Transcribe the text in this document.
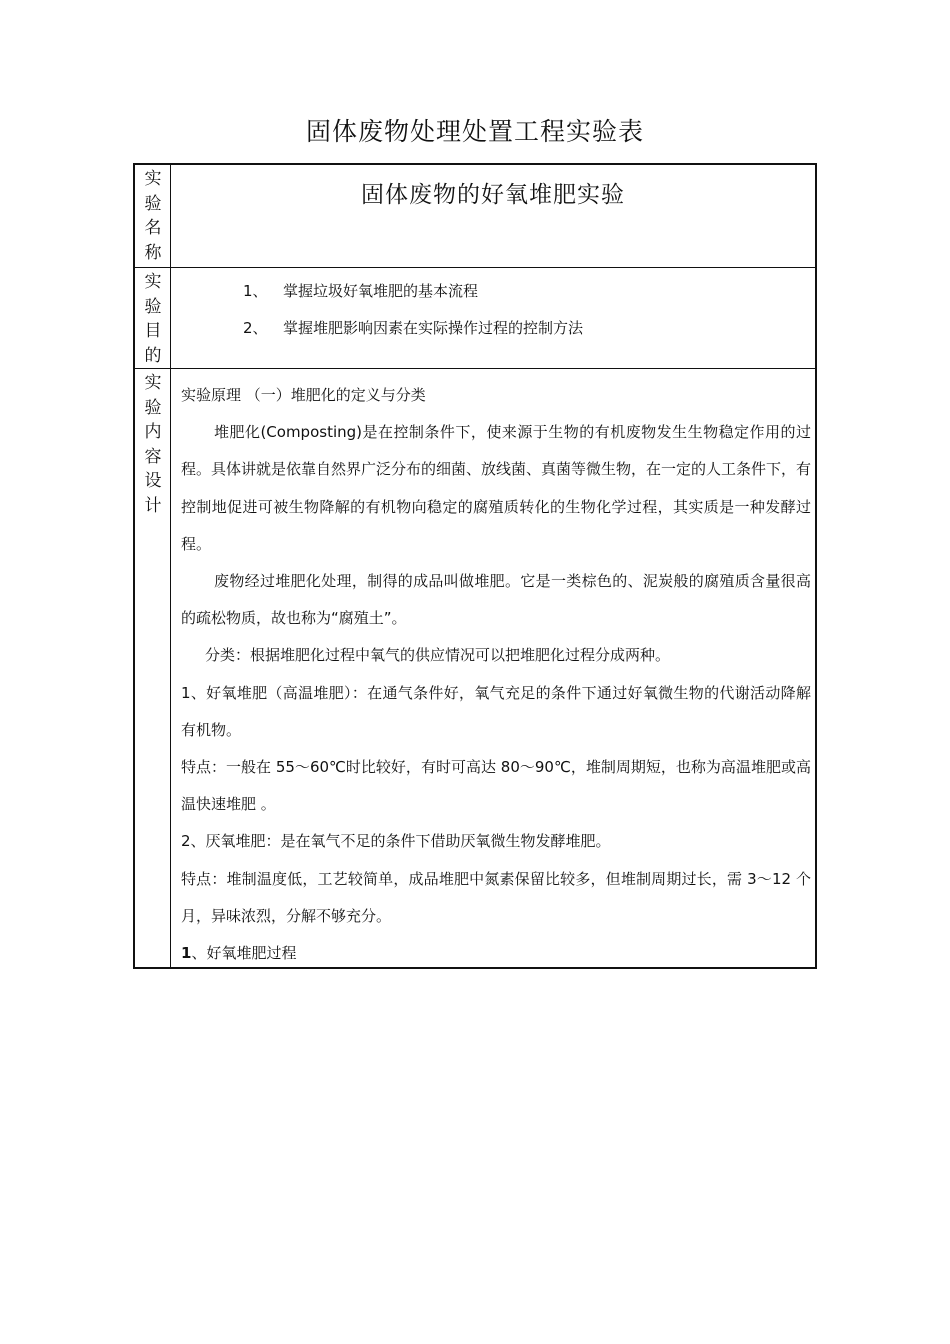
固体废物处理处置工程实验表
实
验
名
称
固体废物的好氧堆肥实验
实
验
目
的
1、 掌握垃圾好氧堆肥的基本流程
2、 掌握堆肥影响因素在实际操作过程的控制方法
实
验
内
容
设
计

实验原理 （一）堆肥化的定义与分类

堆肥化(Composting)是在控制条件下，使来源于生物的有机废物发生生物稳定作用的过程。具体讲就是依靠自然界广泛分布的细菌、放线菌、真菌等微生物，在一定的人工条件下，有控制地促进可被生物降解的有机物向稳定的腐殖质转化的生物化学过程，其实质是一种发酵过程。

废物经过堆肥化处理，制得的成品叫做堆肥。它是一类棕色的、泥炭般的腐殖质含量很高的疏松物质，故也称为“腐殖土”。

分类：根据堆肥化过程中氧气的供应情况可以把堆肥化过程分成两种。

1、好氧堆肥（高温堆肥）：在通气条件好，氧气充足的条件下通过好氧微生物的代谢活动降解有机物。

特点：一般在 55～60℃时比较好，有时可高达 80～90℃，堆制周期短，也称为高温堆肥或高温快速堆肥 。

2、厌氧堆肥：是在氧气不足的条件下借助厌氧微生物发酵堆肥。

特点：堆制温度低，工艺较简单，成品堆肥中氮素保留比较多，但堆制周期过长，需 3～12 个月，异味浓烈，分解不够充分。

1、好氧堆肥过程
